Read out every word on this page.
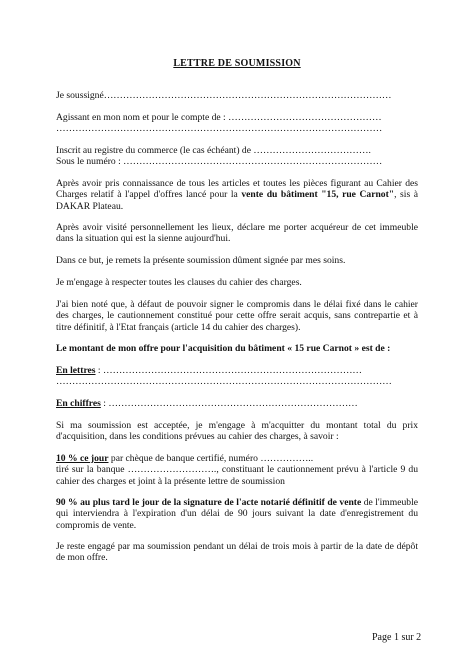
LETTRE DE SOUMISSION
Je soussigné………………………………………………………………………………
Agissant en mon nom et pour le compte de : …………………………………………
…………………………………………………………………………………………
Inscrit au registre du commerce (le cas échéant) de ……………………………….
Sous le numéro : ………………………………………………………………………
Après avoir pris connaissance de tous les articles et toutes les pièces figurant au Cahier des Charges relatif à l'appel d'offres lancé pour la vente du bâtiment "15, rue Carnot", sis à DAKAR Plateau.
Après avoir visité personnellement les lieux, déclare me porter acquéreur de cet immeuble dans la situation qui est la sienne aujourd'hui.
Dans ce but, je remets la présente soumission dûment signée par mes soins.
Je m'engage à respecter toutes les clauses du cahier des charges.
J'ai bien noté que, à défaut de pouvoir signer le compromis dans le délai fixé dans le cahier des charges, le cautionnement constitué pour cette offre serait acquis, sans contrepartie et à titre définitif, à l'Etat français (article 14 du cahier des charges).
Le montant de mon offre pour l'acquisition du bâtiment « 15 rue Carnot » est de :
En lettres : ………………………………………………………………………
……………………………………………………………………………………………
En chiffres : ……………………………………………………………………
Si ma soumission est acceptée, je m'engage à m'acquitter du montant total du prix d'acquisition, dans les conditions prévues au cahier des charges, à savoir :
10 % ce jour par chèque de banque certifié, numéro ……………..
tiré sur la banque ………………………., constituant le cautionnement prévu à l'article 9 du cahier des charges et joint à la présente lettre de soumission
90 % au plus tard le jour de la signature de l'acte notarié définitif de vente de l'immeuble qui interviendra à l'expiration d'un délai de 90 jours suivant la date d'enregistrement du compromis de vente.
Je reste engagé par ma soumission pendant un délai de trois mois à partir de la date de dépôt de mon offre.
Page 1 sur 2
